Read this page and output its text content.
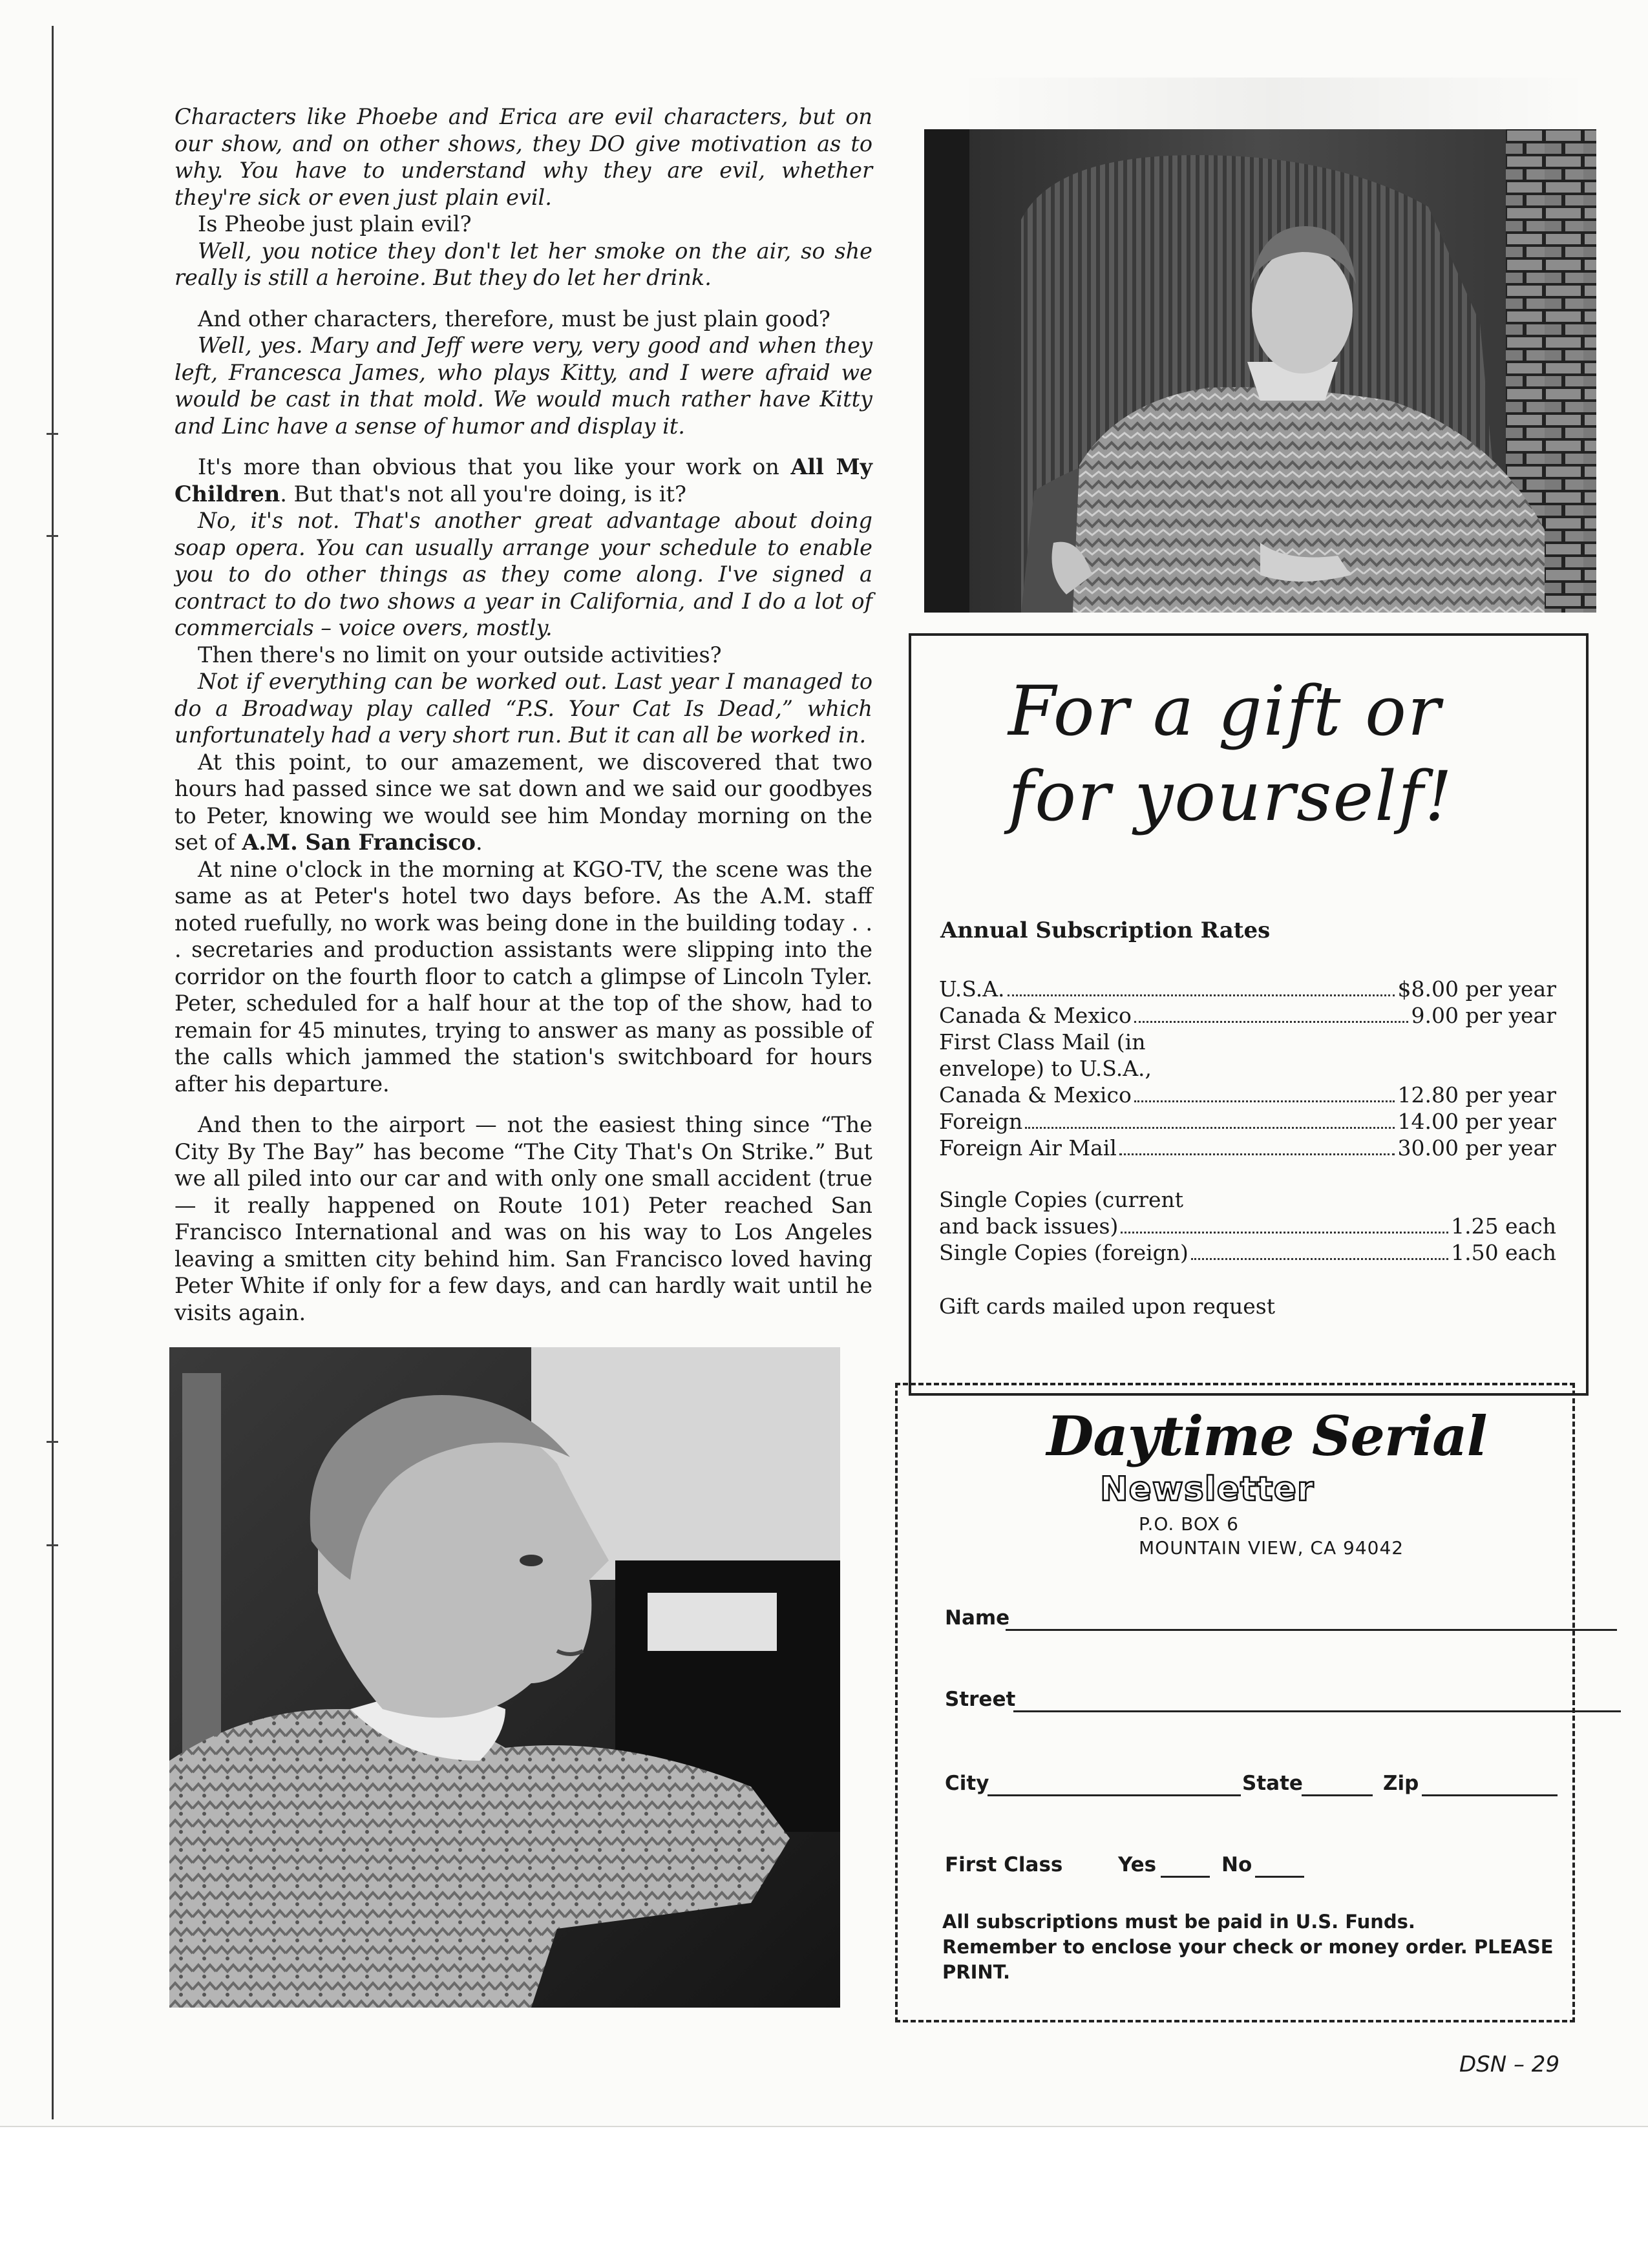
Characters like Phoebe and Erica are evil characters, but on our show, and on other shows, they DO give motivation as to why. You have to understand why they are evil, whether they're sick or even just plain evil.

Is Pheobe just plain evil?

Well, you notice they don't let her smoke on the air, so she really is still a heroine. But they do let her drink.

And other characters, therefore, must be just plain good?

Well, yes. Mary and Jeff were very, very good and when they left, Francesca James, who plays Kitty, and I were afraid we would be cast in that mold. We would much rather have Kitty and Linc have a sense of humor and display it.

It's more than obvious that you like your work on All My Children. But that's not all you're doing, is it?

No, it's not. That's another great advantage about doing soap opera. You can usually arrange your schedule to enable you to do other things as they come along. I've signed a contract to do two shows a year in California, and I do a lot of commercials – voice overs, mostly.

Then there's no limit on your outside activities?

Not if everything can be worked out. Last year I managed to do a Broadway play called “P.S. Your Cat Is Dead,” which unfortunately had a very short run. But it can all be worked in.

At this point, to our amazement, we discovered that two hours had passed since we sat down and we said our goodbyes to Peter, knowing we would see him Monday morning on the set of A.M. San Francisco.

At nine o'clock in the morning at KGO-TV, the scene was the same as at Peter's hotel two days before. As the A.M. staff noted ruefully, no work was being done in the building today . . . secretaries and production assistants were slipping into the corridor on the fourth floor to catch a glimpse of Lincoln Tyler. Peter, scheduled for a half hour at the top of the show, had to remain for 45 minutes, trying to answer as many as possible of the calls which jammed the station's switchboard for hours after his departure.

And then to the airport — not the easiest thing since “The City By The Bay” has become “The City That's On Strike.” But we all piled into our car and with only one small accident (true — it really happened on Route 101) Peter reached San Francisco International and was on his way to Los Angeles leaving a smitten city behind him. San Francisco loved having Peter White if only for a few days, and can hardly wait until he visits again.

For a gift or
for yourself!
Annual Subscription Rates
U.S.A.	$8.00 per year
Canada & Mexico	9.00 per year
First Class Mail (in
envelope) to U.S.A.,
Canada & Mexico	12.80 per year
Foreign	14.00 per year
Foreign Air Mail	30.00 per year
Single Copies (current
and back issues)	1.25 each
Single Copies (foreign)	1.50 each
Gift cards mailed upon request
Daytime Serial
Newsletter
P.O. BOX 6
MOUNTAIN VIEW, CA 94042
Name
Street
City	State	Zip
First Class	Yes	No
All subscriptions must be paid in U.S. Funds.
Remember to enclose your check or money order. PLEASE
PRINT.
DSN – 29
